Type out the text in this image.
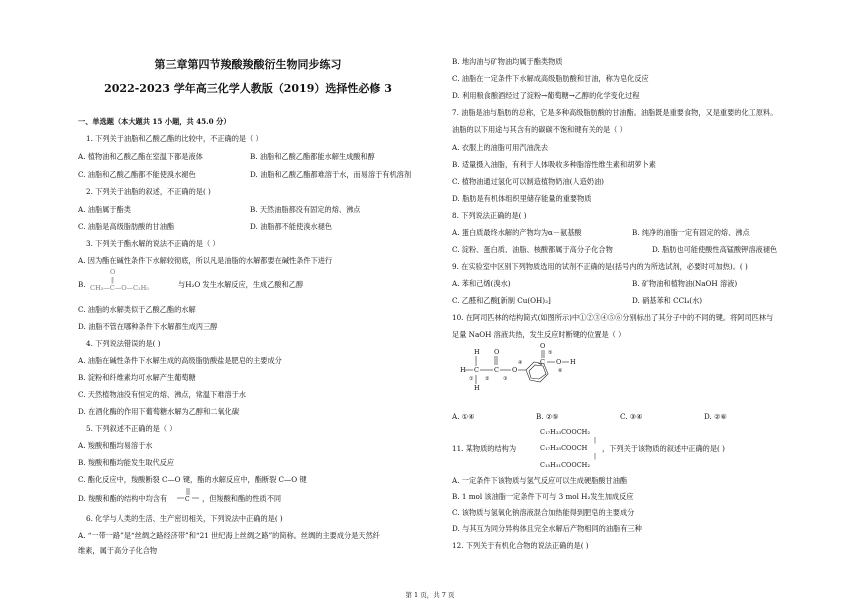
第三章第四节羧酸羧酸衍生物同步练习
2022-2023 学年高三化学人教版（2019）选择性必修 3
一、单选题（本大题共 15 小题，共 45.0 分）
1. 下列关于油脂和乙酸乙酯的比较中，不正确的是（ ）
A. 植物油和乙酸乙酯在室温下都是液体	B. 油脂和乙酸乙酯都能水解生成酸和醇
C. 油脂和乙酸乙酯都不能使溴水褪色	D. 油脂和乙酸乙酯都难溶于水，而易溶于有机溶剂
2. 下列关于油脂的叙述，不正确的是( )
A. 油脂属于酯类	B. 天然油脂都没有固定的熔、沸点
C. 油脂是高级脂肪酸的甘油酯	D. 油脂都不能使溴水褪色
3. 下列关于酯水解的说法不正确的是（ ）
A. 因为酯在碱性条件下水解较彻底，所以凡是油脂的水解都要在碱性条件下进行
B.
O
‖
CH₃—C—O—C₂H₅	与H₂O 发生水解反应，生成乙酸和乙醇
C. 油脂的水解类似于乙酸乙酯的水解
D. 油脂不管在哪种条件下水解都生成丙三醇
4. 下列说法错误的是( )
A. 油脂在碱性条件下水解生成的高级脂肪酸盐是肥皂的主要成分
B. 淀粉和纤维素均可水解产生葡萄糖
C. 天然植物油没有恒定的熔、沸点，常温下难溶于水
D. 在酒化酶的作用下葡萄糖水解为乙醇和二氧化碳
5. 下列叙述不正确的是（ ）
A. 羧酸和酯均易溶于水
B. 羧酸和酯均能发生取代反应
C. 酯化反应中，羧酸断裂 C—O 键，酯的水解反应中，酯断裂 C—O 键
D. 羧酸和酯的结构中均含有	C ，但羧酸和酯的性质不同
6. 化学与人类的生活、生产密切相关，下列说法中正确的是( )
A. “一带一路”是“丝绸之路经济带”和“21 世纪海上丝绸之路”的简称。丝绸的主要成分是天然纤
维素，属于高分子化合物
B. 地沟油与矿物油均属于酯类物质
C. 油脂在一定条件下水解成高级脂肪酸和甘油，称为皂化反应
D. 利用粮食酿酒经过了淀粉→葡萄糖→乙醇的化学变化过程
7. 油脂是油与脂肪的总称，它是多种高级脂肪酸的甘油酯。油脂既是重要食物，又是重要的化工原料。
油脂的以下用途与其含有的碳碳不饱和键有关的是（ ）
A. 衣服上的油脂可用汽油洗去
B. 适量摄入油脂，有利于人体吸收多种脂溶性维生素和胡萝卜素
C. 植物油通过氢化可以制造植物奶油(人造奶油)
D. 脂肪是有机体组织里储存能量的重要物质
8. 下列说法正确的是( )
A. 蛋白质最终水解的产物均为α－氨基酸	B. 纯净的油脂一定有固定的熔、沸点
C. 淀粉、蛋白质、油脂、核酸都属于高分子化合物	D. 脂肪也可能使酸性高锰酸钾溶液褪色
9. 在实验室中区别下列物质选用的试剂不正确的是(括号内的为所选试剂，必要时可加热)。( )
A. 苯和己烯(溴水)	B. 矿物油和植物油(NaOH 溶液)
C. 乙醛和乙酸[新制 Cu(OH)₂]	D. 硝基苯和 CCl₄(水)
10. 在阿司匹林的结构简式(如图所示)中①②③④⑤⑥分别标出了其分子中的不同的键。将阿司匹林与
足量 NaOH 溶液共热，发生反应时断键的位置是（ ）
H
H
H
C C
O
O
O
C O H
① ②	③
④
⑤
⑥
A. ①④	B. ②⑤	C. ③④	D. ②⑥
C₁₇H₃₃COOCH₂
|
11. 某物质的结构为	C₁₇H₃₅COOCH ，下列关于该物质的叙述中正确的是( )
|
C₁₅H₃₁COOCH₂
A. 一定条件下该物质与氢气反应可以生成硬脂酸甘油酯
B. 1 mol 该油脂一定条件下可与 3 mol H₂发生加成反应
C. 该物质与氢氧化钠溶液混合加热能得到肥皂的主要成分
D. 与其互为同分异构体且完全水解后产物相同的油脂有三种
12. 下列关于有机化合物的说法正确的是( )
第 1 页，共 7 页
